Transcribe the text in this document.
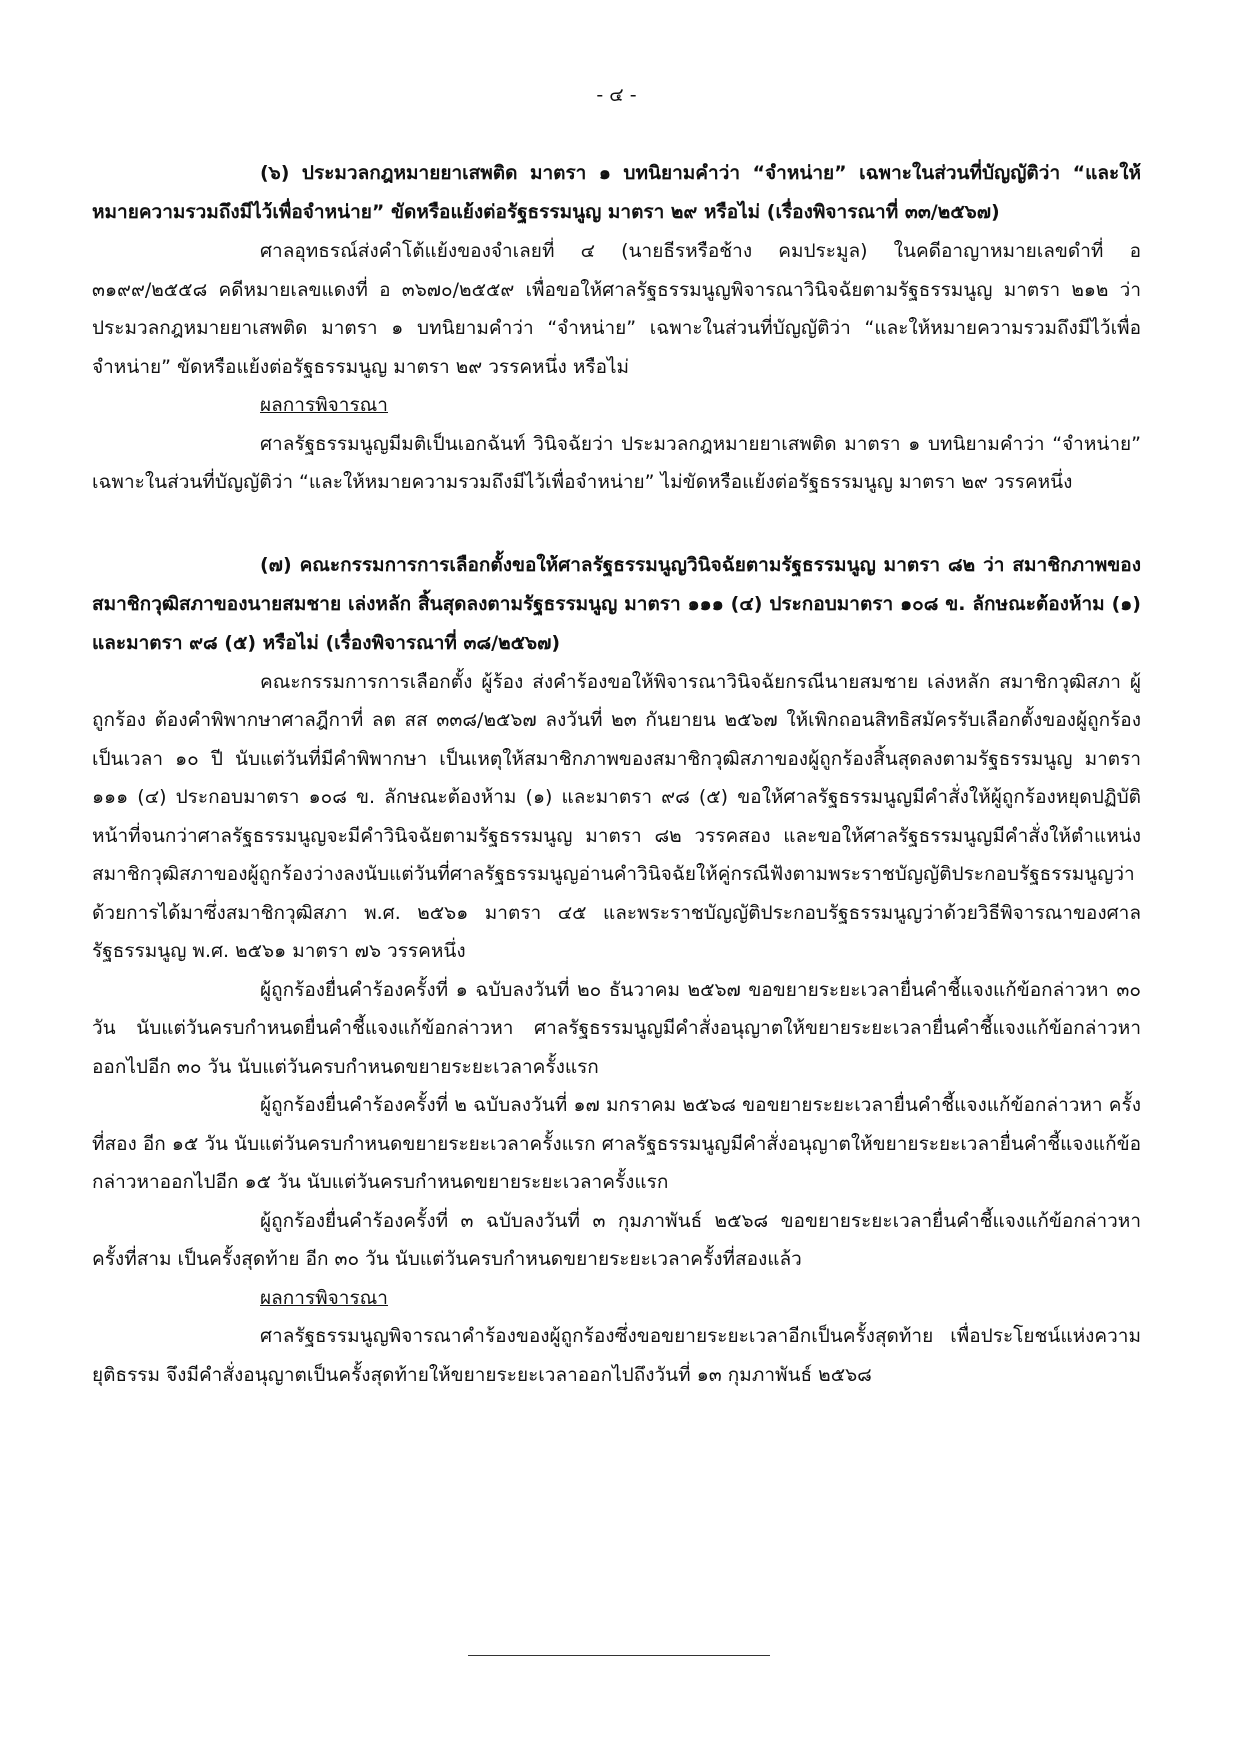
- ๔ -

(๖) ประมวลกฎหมายยาเสพติด มาตรา ๑ บทนิยามคำว่า “จำหน่าย” เฉพาะในส่วนที่บัญญัติว่า “และให้หมายความรวมถึงมีไว้เพื่อจำหน่าย” ขัดหรือแย้งต่อรัฐธรรมนูญ มาตรา ๒๙ หรือไม่ (เรื่องพิจารณาที่ ๓๓/๒๕๖๗)

ศาลอุทธรณ์ส่งคำโต้แย้งของจำเลยที่ ๔ (นายธีรหรือช้าง คมประมูล) ในคดีอาญาหมายเลขดำที่ อ ๓๑๙๙/๒๕๕๘ คดีหมายเลขแดงที่ อ ๓๖๗๐/๒๕๕๙ เพื่อขอให้ศาลรัฐธรรมนูญพิจารณาวินิจฉัยตามรัฐธรรมนูญ มาตรา ๒๑๒ ว่า ประมวลกฎหมายยาเสพติด มาตรา ๑ บทนิยามคำว่า “จำหน่าย” เฉพาะในส่วนที่บัญญัติว่า “และให้หมายความรวมถึงมีไว้เพื่อจำหน่าย” ขัดหรือแย้งต่อรัฐธรรมนูญ มาตรา ๒๙ วรรคหนึ่ง หรือไม่

ผลการพิจารณา

ศาลรัฐธรรมนูญมีมติเป็นเอกฉันท์ วินิจฉัยว่า ประมวลกฎหมายยาเสพติด มาตรา ๑ บทนิยามคำว่า “จำหน่าย” เฉพาะในส่วนที่บัญญัติว่า “และให้หมายความรวมถึงมีไว้เพื่อจำหน่าย” ไม่ขัดหรือแย้งต่อรัฐธรรมนูญ มาตรา ๒๙ วรรคหนึ่ง

(๗) คณะกรรมการการเลือกตั้งขอให้ศาลรัฐธรรมนูญวินิจฉัยตามรัฐธรรมนูญ มาตรา ๘๒ ว่า สมาชิกภาพของสมาชิกวุฒิสภาของนายสมชาย เล่งหลัก สิ้นสุดลงตามรัฐธรรมนูญ มาตรา ๑๑๑ (๔) ประกอบมาตรา ๑๐๘ ข. ลักษณะต้องห้าม (๑) และมาตรา ๙๘ (๕) หรือไม่ (เรื่องพิจารณาที่ ๓๘/๒๕๖๗)

คณะกรรมการการเลือกตั้ง ผู้ร้อง ส่งคำร้องขอให้พิจารณาวินิจฉัยกรณีนายสมชาย เล่งหลัก สมาชิกวุฒิสภา ผู้ถูกร้อง ต้องคำพิพากษาศาลฎีกาที่ ลต สส ๓๓๘/๒๕๖๗ ลงวันที่ ๒๓ กันยายน ๒๕๖๗ ให้เพิกถอนสิทธิสมัครรับเลือกตั้งของผู้ถูกร้องเป็นเวลา ๑๐ ปี นับแต่วันที่มีคำพิพากษา เป็นเหตุให้สมาชิกภาพของสมาชิกวุฒิสภาของผู้ถูกร้องสิ้นสุดลงตามรัฐธรรมนูญ มาตรา ๑๑๑ (๔) ประกอบมาตรา ๑๐๘ ข. ลักษณะต้องห้าม (๑) และมาตรา ๙๘ (๕) ขอให้ศาลรัฐธรรมนูญมีคำสั่งให้ผู้ถูกร้องหยุดปฏิบัติหน้าที่จนกว่าศาลรัฐธรรมนูญจะมีคำวินิจฉัยตามรัฐธรรมนูญ มาตรา ๘๒ วรรคสอง และขอให้ศาลรัฐธรรมนูญมีคำสั่งให้ตำแหน่งสมาชิกวุฒิสภาของผู้ถูกร้องว่างลงนับแต่วันที่ศาลรัฐธรรมนูญอ่านคำวินิจฉัยให้คู่กรณีฟังตามพระราชบัญญัติประกอบรัฐธรรมนูญว่าด้วยการได้มาซึ่งสมาชิกวุฒิสภา พ.ศ. ๒๕๖๑ มาตรา ๔๕ และพระราชบัญญัติประกอบรัฐธรรมนูญว่าด้วยวิธีพิจารณาของศาลรัฐธรรมนูญ พ.ศ. ๒๕๖๑ มาตรา ๗๖ วรรคหนึ่ง

ผู้ถูกร้องยื่นคำร้องครั้งที่ ๑ ฉบับลงวันที่ ๒๐ ธันวาคม ๒๕๖๗ ขอขยายระยะเวลายื่นคำชี้แจงแก้ข้อกล่าวหา ๓๐ วัน นับแต่วันครบกำหนดยื่นคำชี้แจงแก้ข้อกล่าวหา ศาลรัฐธรรมนูญมีคำสั่งอนุญาตให้ขยายระยะเวลายื่นคำชี้แจงแก้ข้อกล่าวหาออกไปอีก ๓๐ วัน นับแต่วันครบกำหนดขยายระยะเวลาครั้งแรก

ผู้ถูกร้องยื่นคำร้องครั้งที่ ๒ ฉบับลงวันที่ ๑๗ มกราคม ๒๕๖๘ ขอขยายระยะเวลายื่นคำชี้แจงแก้ข้อกล่าวหา ครั้งที่สอง อีก ๑๕ วัน นับแต่วันครบกำหนดขยายระยะเวลาครั้งแรก ศาลรัฐธรรมนูญมีคำสั่งอนุญาตให้ขยายระยะเวลายื่นคำชี้แจงแก้ข้อกล่าวหาออกไปอีก ๑๕ วัน นับแต่วันครบกำหนดขยายระยะเวลาครั้งแรก

ผู้ถูกร้องยื่นคำร้องครั้งที่ ๓ ฉบับลงวันที่ ๓ กุมภาพันธ์ ๒๕๖๘ ขอขยายระยะเวลายื่นคำชี้แจงแก้ข้อกล่าวหา ครั้งที่สาม เป็นครั้งสุดท้าย อีก ๓๐ วัน นับแต่วันครบกำหนดขยายระยะเวลาครั้งที่สองแล้ว

ผลการพิจารณา

ศาลรัฐธรรมนูญพิจารณาคำร้องของผู้ถูกร้องซึ่งขอขยายระยะเวลาอีกเป็นครั้งสุดท้าย เพื่อประโยชน์แห่งความยุติธรรม จึงมีคำสั่งอนุญาตเป็นครั้งสุดท้ายให้ขยายระยะเวลาออกไปถึงวันที่ ๑๓ กุมภาพันธ์ ๒๕๖๘
